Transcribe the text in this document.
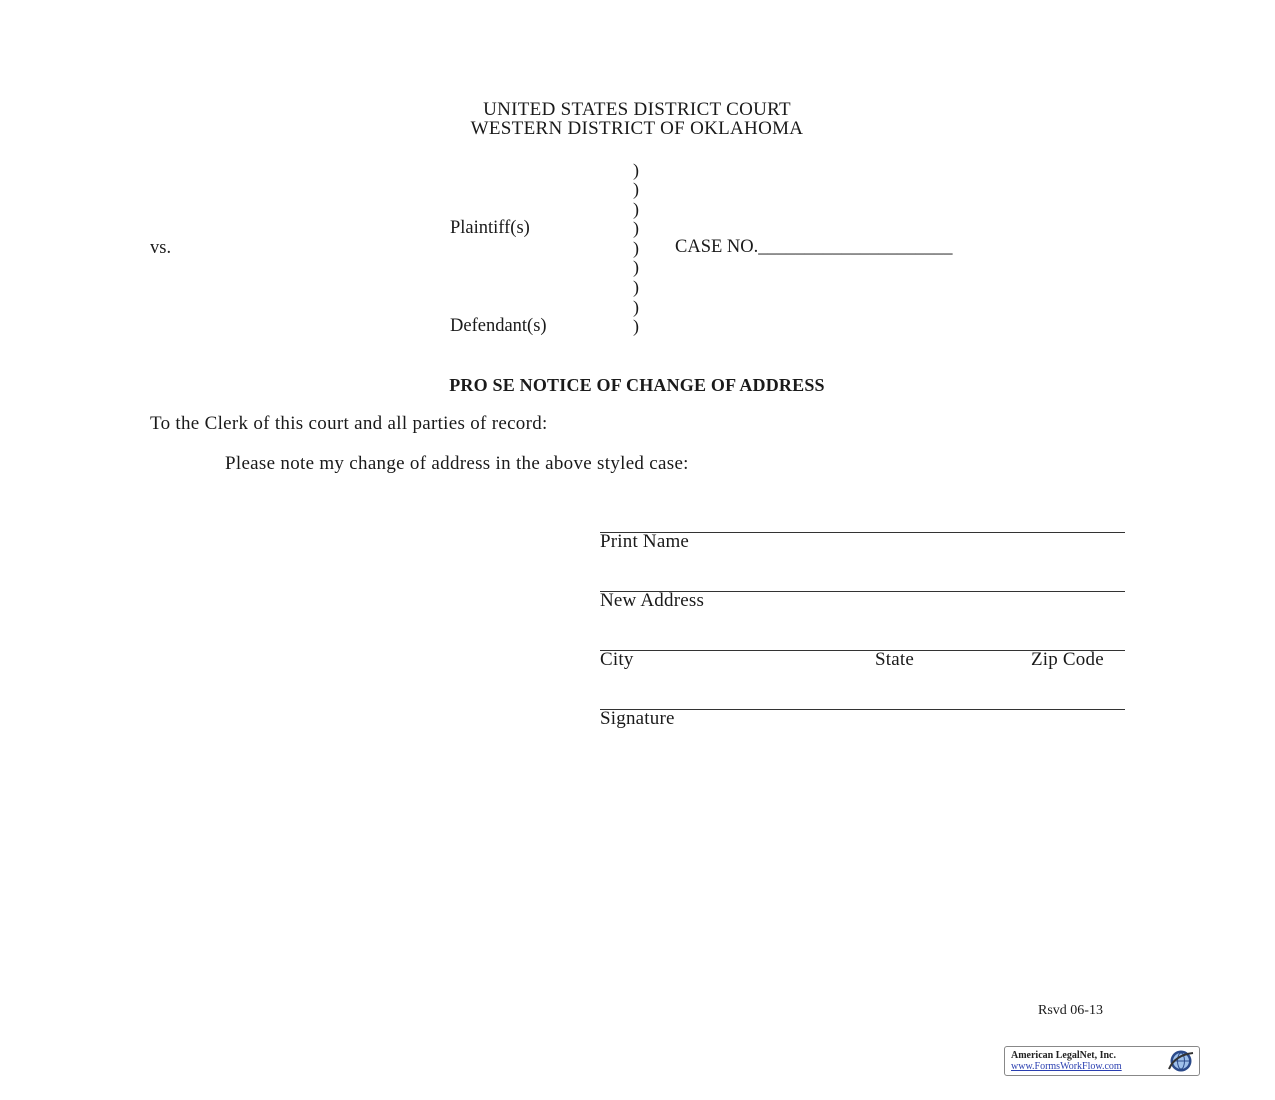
UNITED STATES DISTRICT COURT
WESTERN DISTRICT OF OKLAHOMA
)
)
)
)
)
)
)
)
)
Plaintiff(s)
vs.	CASE NO._____________________
Defendant(s)
PRO SE NOTICE OF CHANGE OF ADDRESS
To the Clerk of this court and all parties of record:
Please note my change of address in the above styled case:
Print Name
New Address
City	State	Zip Code
Signature
Rsvd 06-13
American LegalNet, Inc.
www.FormsWorkFlow.com
